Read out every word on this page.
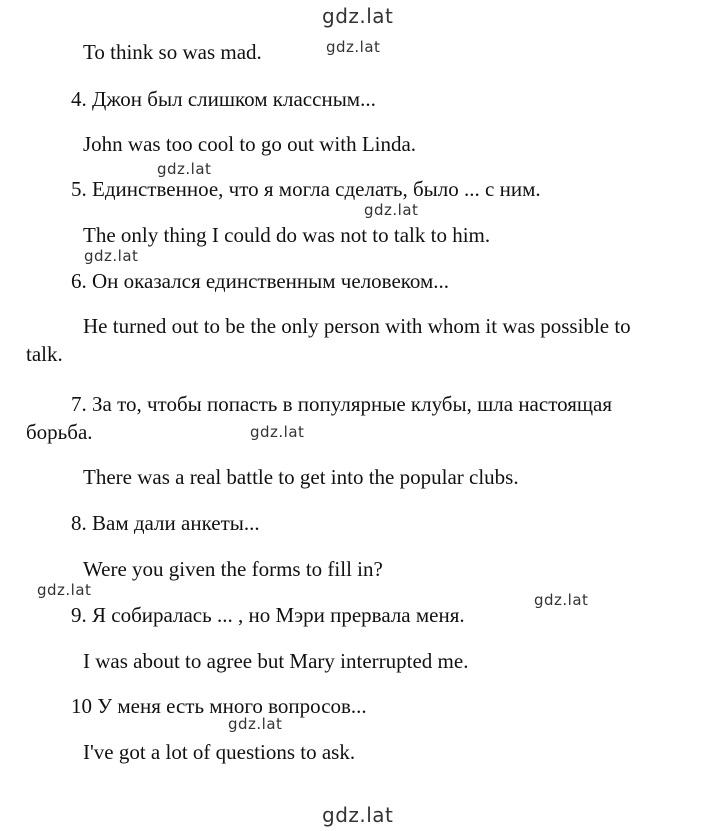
To think so was mad.

4. Джон был слишком классным...

John was too cool to go out with Linda.

5. Единственное, что я могла сделать, было ... с ним.

The only thing I could do was not to talk to him.

6. Он оказался единственным человеком...

He turned out to be the only person with whom it was possible to

talk.

7. За то, чтобы попасть в популярные клубы, шла настоящая

борьба.

There was a real battle to get into the popular clubs.

8. Вам дали анкеты...

Were you given the forms to fill in?

9. Я собиралась ... , но Мэри прервала меня.

I was about to agree but Mary interrupted me.

10 У меня есть много вопросов...

I've got a lot of questions to ask.

gdz.lat

gdz.lat

gdz.lat

gdz.lat

gdz.lat

gdz.lat

gdz.lat

gdz.lat

gdz.lat

gdz.lat
